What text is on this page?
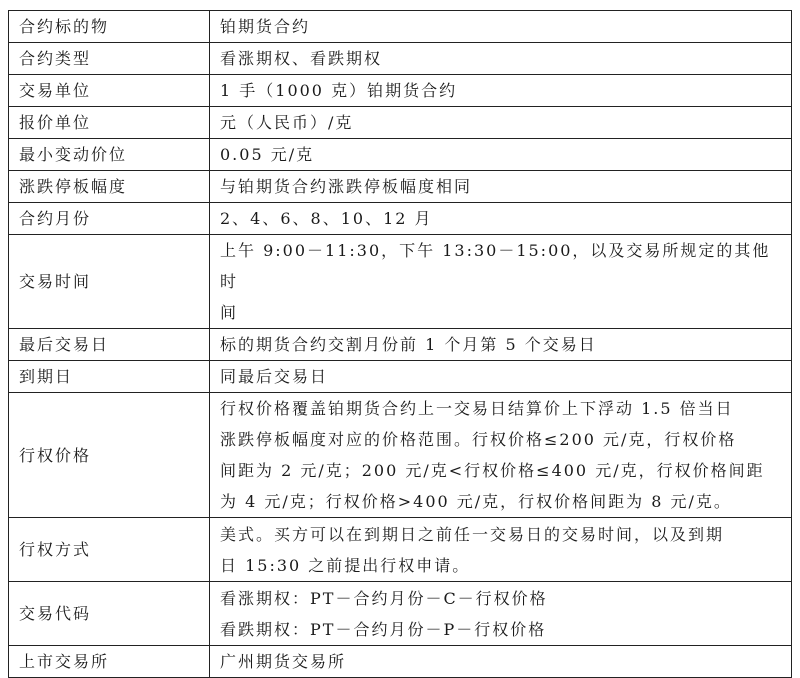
合约标的物	铂期货合约

合约类型	看涨期权、看跌期权

交易单位	1 手（1000 克）铂期货合约

报价单位	元（人民币）/克

最小变动价位	0.05 元/克

涨跌停板幅度	与铂期货合约涨跌停板幅度相同

合约月份	2、4、6、8、10、12 月

交易时间	上午 9:00－11:30，下午 13:30－15:00，以及交易所规定的其他时
间

最后交易日	标的期货合约交割月份前 1 个月第 5 个交易日

到期日	同最后交易日

行权价格	行权价格覆盖铂期货合约上一交易日结算价上下浮动 1.5 倍当日
涨跌停板幅度对应的价格范围。行权价格≤200 元/克，行权价格
间距为 2 元/克；200 元/克<行权价格≤400 元/克，行权价格间距
为 4 元/克；行权价格>400 元/克，行权价格间距为 8 元/克。

行权方式	美式。买方可以在到期日之前任一交易日的交易时间，以及到期
日 15:30 之前提出行权申请。

交易代码	看涨期权：PT－合约月份－C－行权价格
看跌期权：PT－合约月份－P－行权价格

上市交易所	广州期货交易所
